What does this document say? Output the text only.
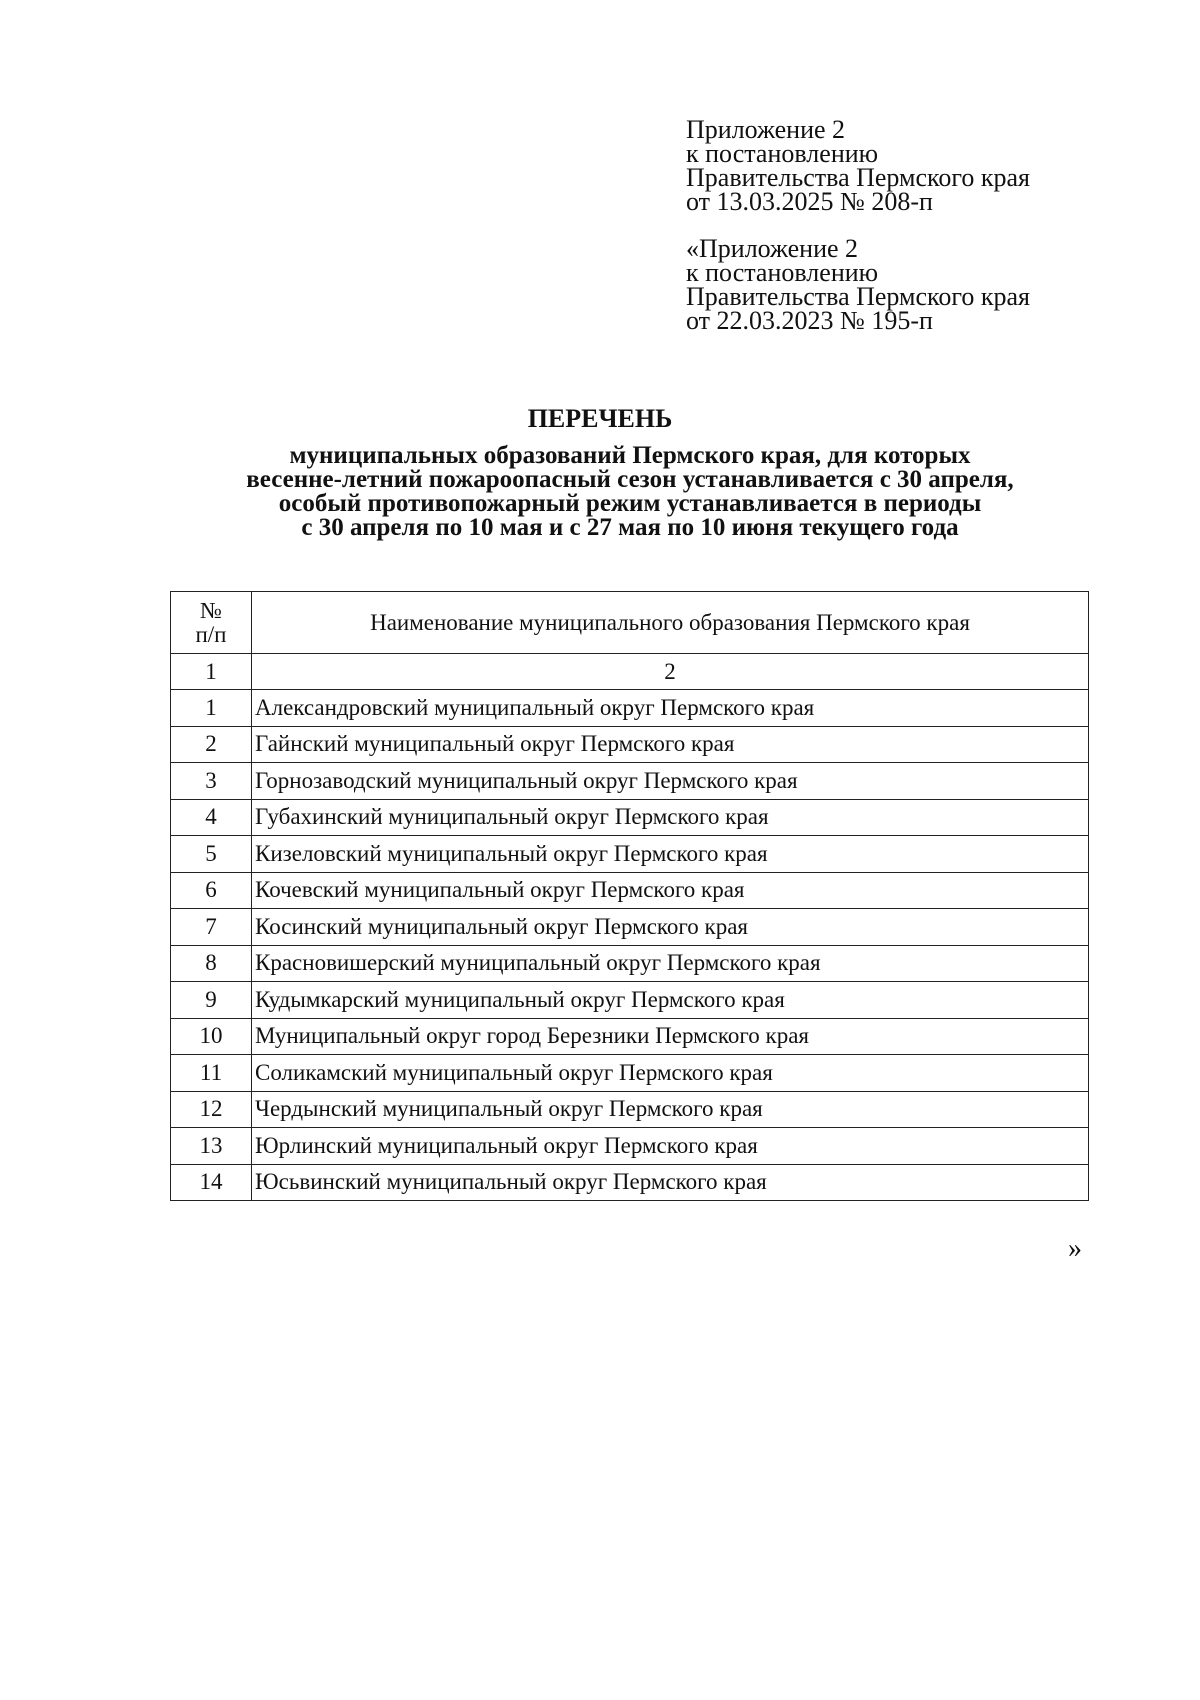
Приложение 2
к постановлению
Правительства Пермского края
от 13.03.2025 № 208-п
«Приложение 2
к постановлению
Правительства Пермского края
от 22.03.2023 № 195-п
ПЕРЕЧЕНЬ
муниципальных образований Пермского края, для которых
весенне-летний пожароопасный сезон устанавливается с 30 апреля,
особый противопожарный режим устанавливается в периоды
с 30 апреля по 10 мая и с 27 мая по 10 июня текущего года
№
п/п	Наименование муниципального образования Пермского края
1	2
1	Александровский муниципальный округ Пермского края
2	Гайнский муниципальный округ Пермского края
3	Горнозаводский муниципальный округ Пермского края
4	Губахинский муниципальный округ Пермского края
5	Кизеловский муниципальный округ Пермского края
6	Кочевский муниципальный округ Пермского края
7	Косинский муниципальный округ Пермского края
8	Красновишерский муниципальный округ Пермского края
9	Кудымкарский муниципальный округ Пермского края
10	Муниципальный округ город Березники Пермского края
11	Соликамский муниципальный округ Пермского края
12	Чердынский муниципальный округ Пермского края
13	Юрлинский муниципальный округ Пермского края
14	Юсьвинский муниципальный округ Пермского края
»
